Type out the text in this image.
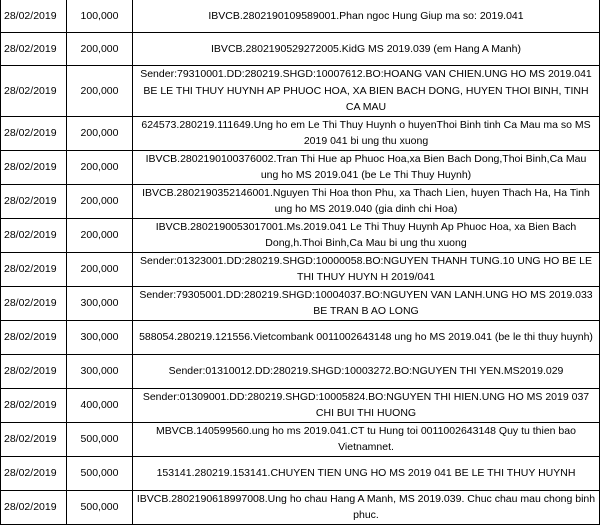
28/02/2019	100,000	IBVCB.2802190109589001.Phan ngoc Hung Giup ma so: 2019.041
28/02/2019	200,000	IBVCB.2802190529272005.KidG MS 2019.039 (em Hang A Manh)
28/02/2019	200,000	Sender:79310001.DD:280219.SHGD:10007612.BO:HOANG VAN CHIEN.UNG HO MS 2019.041 BE LE THI THUY HUYNH AP PHUOC HOA, XA BIEN BACH DONG, HUYEN THOI BINH, TINH CA MAU
28/02/2019	200,000	624573.280219.111649.Ung ho em Le Thi Thuy Huynh o huyenThoi Binh tinh Ca Mau ma so MS 2019 041 bi ung thu xuong
28/02/2019	200,000	IBVCB.2802190100376002.Tran Thi Hue ap Phuoc Hoa,xa Bien Bach Dong,Thoi Binh,Ca Mau ung ho MS 2019.041 (be Le Thi Thuy Huynh)
28/02/2019	200,000	IBVCB.2802190352146001.Nguyen Thi Hoa thon Phu, xa Thach Lien, huyen Thach Ha, Ha Tinh ung ho MS 2019.040 (gia dinh chi Hoa)
28/02/2019	200,000	IBVCB.2802190053017001.Ms.2019.041 Le Thi Thuy Huynh Ap Phuoc Hoa, xa Bien Bach Dong,h.Thoi Binh,Ca Mau bi ung thu xuong
28/02/2019	200,000	Sender:01323001.DD:280219.SHGD:10000058.BO:NGUYEN THANH TUNG.10 UNG HO BE LE THI THUY HUYN H 2019/041
28/02/2019	300,000	Sender:79305001.DD:280219.SHGD:10004037.BO:NGUYEN VAN LANH.UNG HO MS 2019.033 BE TRAN B AO LONG
28/02/2019	300,000	588054.280219.121556.Vietcombank 0011002643148 ung ho MS 2019.041 (be le thi thuy huynh)
28/02/2019	300,000	Sender:01310012.DD:280219.SHGD:10003272.BO:NGUYEN THI YEN.MS2019.029
28/02/2019	400,000	Sender:01309001.DD:280219.SHGD:10005824.BO:NGUYEN THI HIEN.UNG HO MS 2019 037 CHI BUI THI HUONG
28/02/2019	500,000	MBVCB.140599560.ung ho ms 2019.041.CT tu Hung toi 0011002643148 Quy tu thien bao Vietnamnet.
28/02/2019	500,000	153141.280219.153141.CHUYEN TIEN UNG HO MS 2019 041 BE LE THI THUY HUYNH
28/02/2019	500,000	IBVCB.2802190618997008.Ung ho chau Hang A Manh, MS 2019.039. Chuc chau mau chong binh phuc.
